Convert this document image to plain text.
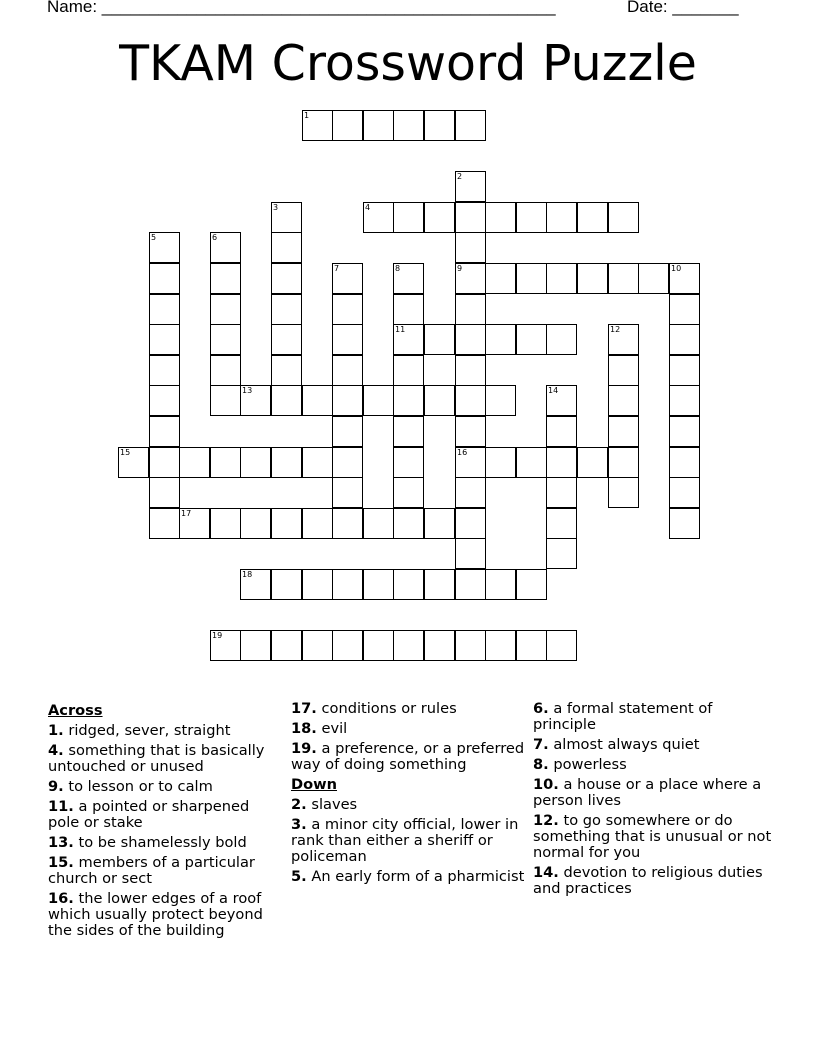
Name: ________________________________________________	Date: _______
TKAM Crossword Puzzle
1
2
9
16
3	4
5	6
7	8
11
10
12
13	14
15
17
18
19
Across
1. ridged, sever, straight
4. something that is basically untouched or unused
9. to lesson or to calm
11. a pointed or sharpened pole or stake
13. to be shamelessly bold
15. members of a particular church or sect
16. the lower edges of a roof which usually protect beyond the sides of the building
17. conditions or rules
18. evil
19. a preference, or a preferred way of doing something
Down
2. slaves
3. a minor city official, lower in rank than either a sheriff or policeman
5. An early form of a pharmicist
6. a formal statement of principle
7. almost always quiet
8. powerless
10. a house or a place where a person lives
12. to go somewhere or do something that is unusual or not normal for you
14. devotion to religious duties and practices
